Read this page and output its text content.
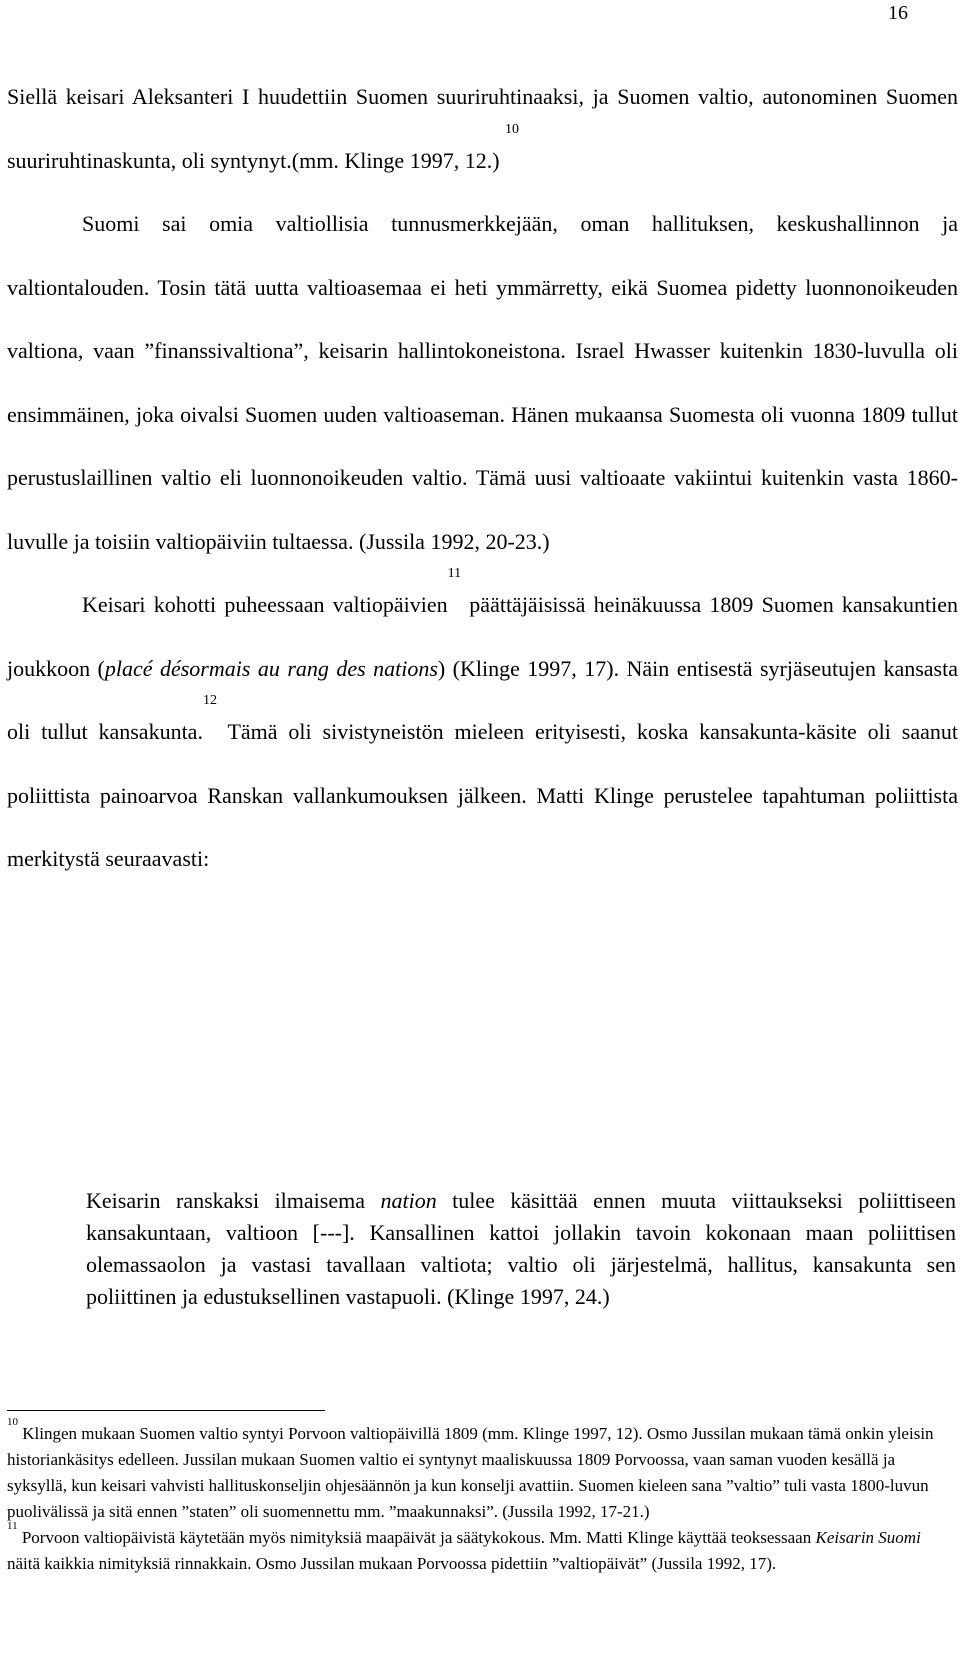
16

Siellä keisari Aleksanteri I huudettiin Suomen suuriruhtinaaksi, ja Suomen valtio, autonominen Suomen suuriruhtinaskunta, oli syntynyt.(mm. Klinge 1997, 12.) $^{10}$

Suomi sai omia valtiollisia tunnusmerkkejään, oman hallituksen, keskushallinnon ja valtiontalouden. Tosin tätä uutta valtioasemaa ei heti ymmärretty, eikä Suomea pidetty luonnonoikeuden valtiona, vaan ”finanssivaltiona”, keisarin hallintokoneistona. Israel Hwasser kuitenkin 1830-luvulla oli ensimmäinen, joka oivalsi Suomen uuden valtioaseman. Hänen mukaansa Suomesta oli vuonna 1809 tullut perustuslaillinen valtio eli luonnonoikeuden valtio. Tämä uusi valtioaate vakiintui kuitenkin vasta 1860-luvulle ja toisiin valtiopäiviin tultaessa. (Jussila 1992, 20-23.)

Keisari kohotti puheessaan valtiopäivien$^{11}$ päättäjäisissä heinäkuussa 1809 Suomen kansakuntien joukkoon (placé désormais au rang des nations) (Klinge 1997, 17). Näin entisestä syrjäseutujen kansasta oli tullut kansakunta.$^{12}$ Tämä oli sivistyneistön mieleen erityisesti, koska kansakunta-käsite oli saanut poliittista painoarvoa Ranskan vallankumouksen jälkeen. Matti Klinge perustelee tapahtuman poliittista merkitystä seuraavasti:

Keisarin ranskaksi ilmaisema nation tulee käsittää ennen muuta viittaukseksi poliittiseen kansakuntaan, valtioon [---]. Kansallinen kattoi jollakin tavoin kokonaan maan poliittisen olemassaolon ja vastasi tavallaan valtiota; valtio oli järjestelmä, hallitus, kansakunta sen poliittinen ja edustuksellinen vastapuoli. (Klinge 1997, 24.)

$^{10}$ Klingen mukaan Suomen valtio syntyi Porvoon valtiopäivillä 1809 (mm. Klinge 1997, 12). Osmo Jussilan mukaan tämä onkin yleisin historiankäsitys edelleen. Jussilan mukaan Suomen valtio ei syntynyt maaliskuussa 1809 Porvoossa, vaan saman vuoden kesällä ja syksyllä, kun keisari vahvisti hallituskonseljin ohjesäännön ja kun konselji avattiin. Suomen kieleen sana ”valtio” tuli vasta 1800-luvun puolivälissä ja sitä ennen ”staten” oli suomennettu mm. ”maakunnaksi”. (Jussila 1992, 17-21.)

$^{11}$ Porvoon valtiopäivistä käytetään myös nimityksiä maapäivät ja säätykokous. Mm. Matti Klinge käyttää teoksessaan Keisarin Suomi näitä kaikkia nimityksiä rinnakkain. Osmo Jussilan mukaan Porvoossa pidettiin ”valtiopäivät” (Jussila 1992, 17).
